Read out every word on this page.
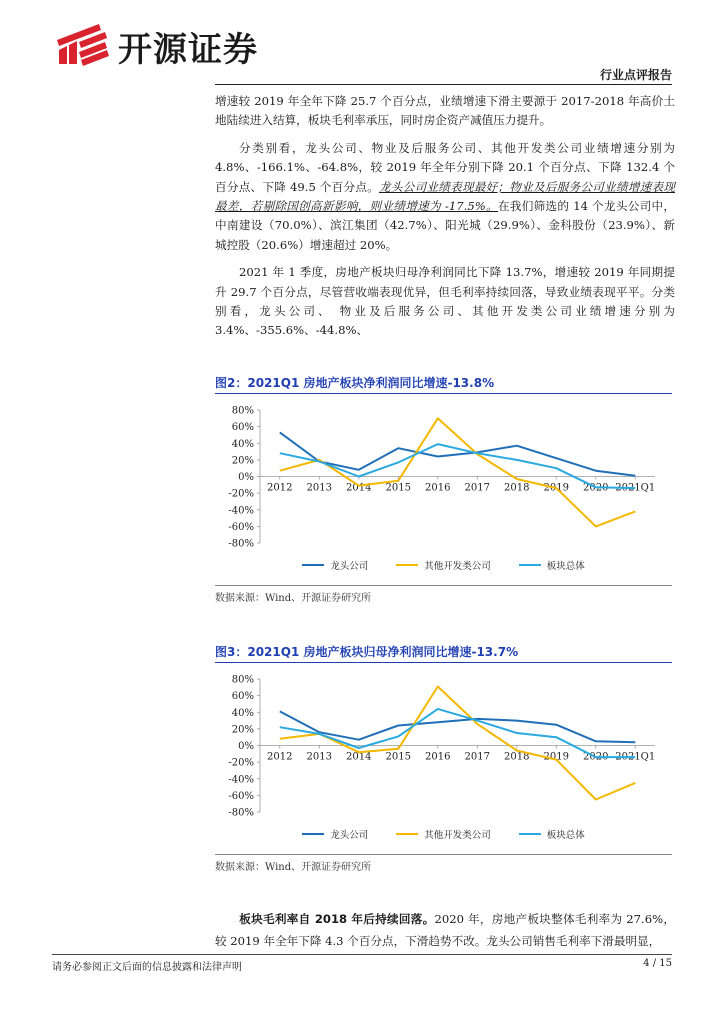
开源证券
行业点评报告

增速较 2019 年全年下降 25.7 个百分点，业绩增速下滑主要源于 2017-2018 年高价土地陆续进入结算，板块毛利率承压，同时房企资产减值压力提升。

分类别看，龙头公司、物业及后服务公司、其他开发类公司业绩增速分别为 4.8%、-166.1%、-64.8%，较 2019 年全年分别下降 20.1 个百分点、下降 132.4 个百分点、下降 49.5 个百分点。龙头公司业绩表现最好；物业及后服务公司业绩增速表现最差，若剔除国创高新影响，则业绩增速为 -17.5%。在我们筛选的 14 个龙头公司中，中南建设（70.0%）、滨江集团（42.7%）、阳光城（29.9%）、金科股份（23.9%）、新城控股（20.6%）增速超过 20%。

2021 年 1 季度，房地产板块归母净利润同比下降 13.7%，增速较 2019 年同期提升 29.7 个百分点，尽管营收端表现优异，但毛利率持续回落，导致业绩表现平平。分类别看，龙头公司、 物业及后服务公司、其他开发类公司业绩增速分别为 3.4%、-355.6%、-44.8%、

图2：2021Q1 房地产板块净利润同比增速-13.8%
80%
60%
40%
20%
0%
-20%
-40%
-60%
-80%
2012 2013 2014 2015 2016 2017 2018 2019 2020 2021Q1
龙头公司	其他开发类公司	板块总体
数据来源：Wind、开源证券研究所
图3：2021Q1 房地产板块归母净利润同比增速-13.7%
80%
60%
40%
20%
0%
-20%
-40%
-60%
-80%
2012 2013 2014 2015 2016 2017 2018 2019 2020 2021Q1
龙头公司	其他开发类公司	板块总体
数据来源：Wind、开源证券研究所
板块毛利率自 2018 年后持续回落。2020 年，房地产板块整体毛利率为 27.6%，较 2019 年全年下降 4.3 个百分点，下滑趋势不改。龙头公司销售毛利率下滑最明显，
请务必参阅正文后面的信息披露和法律声明	4 / 15
